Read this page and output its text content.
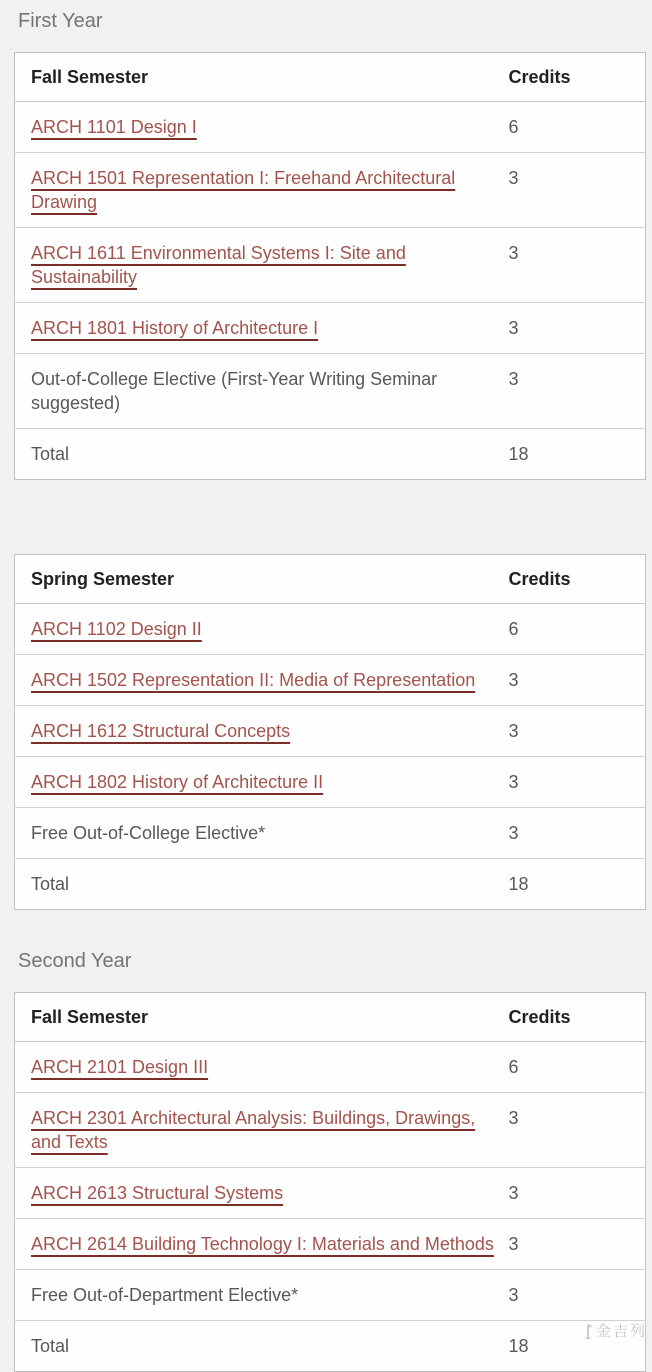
First Year
Fall Semester	Credits
ARCH 1101 Design I	6
ARCH 1501 Representation I: Freehand Architectural Drawing	3
ARCH 1611 Environmental Systems I: Site and Sustainability	3
ARCH 1801 History of Architecture I	3
Out-of-College Elective (First-Year Writing Seminar suggested)	3
Total	18
Spring Semester	Credits
ARCH 1102 Design II	6
ARCH 1502 Representation II: Media of Representation	3
ARCH 1612 Structural Concepts	3
ARCH 1802 History of Architecture II	3
Free Out-of-College Elective*	3
Total	18
Second Year
Fall Semester	Credits
ARCH 2101 Design III	6
ARCH 2301 Architectural Analysis: Buildings, Drawings, and Texts	3
ARCH 2613 Structural Systems	3
ARCH 2614 Building Technology I: Materials and Methods	3
Free Out-of-Department Elective*	3
Total	18
金吉列
